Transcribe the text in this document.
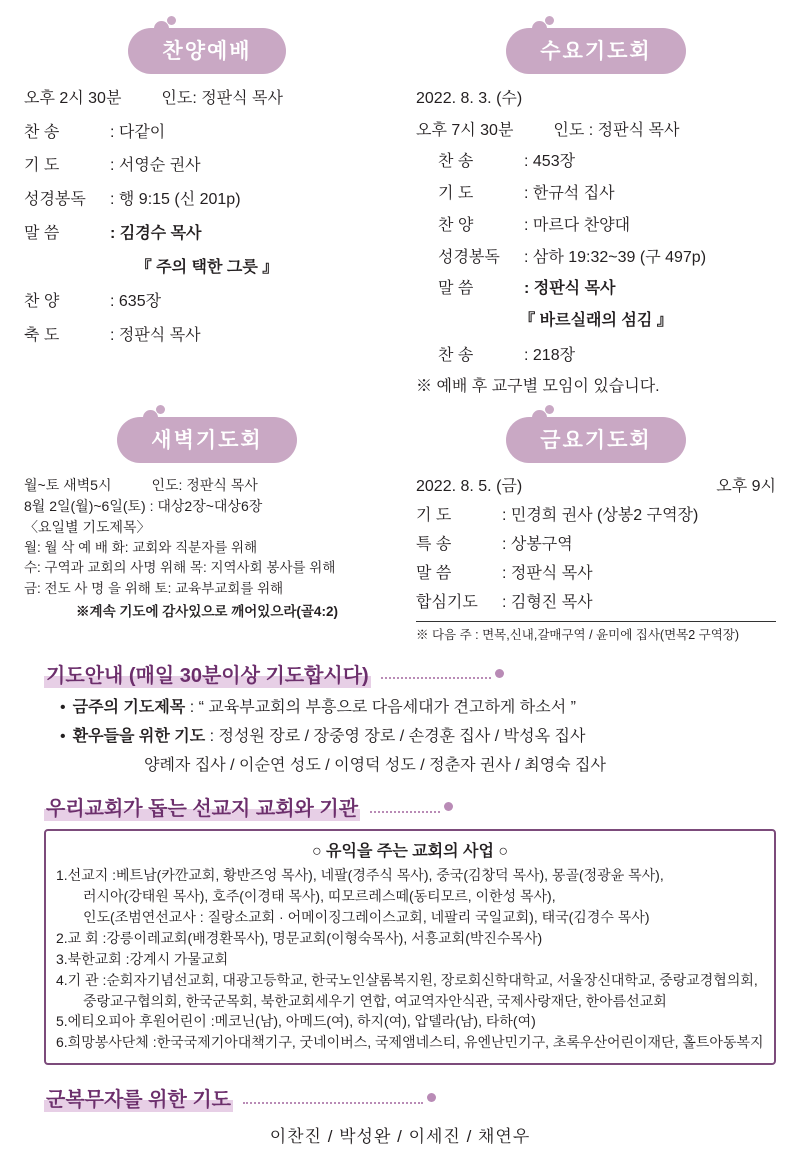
찬양예배
오후 2시 30분	인도: 정판식 목사
찬 송	: 다같이
기 도	: 서영순 권사
성경봉독	: 행 9:15 (신 201p)
말 씀	: 김경수 목사
『 주의 택한 그릇 』
찬 양	: 635장
축 도	: 정판식 목사
수요기도회
2022. 8. 3. (수)
오후 7시 30분	인도 : 정판식 목사
찬 송	: 453장
기 도	: 한규석 집사
찬 양	: 마르다 찬양대
성경봉독	: 삼하 19:32~39 (구 497p)
말 씀	: 정판식 목사
『 바르실래의 섬김 』
찬 송	: 218장
※ 예배 후 교구별 모임이 있습니다.
새벽기도회
월~토 새벽5시	인도: 정판식 목사
8월 2일(월)~6일(토) : 대상2장~대상6장
〈요일별 기도제목〉
월: 월 삭 예 배 화: 교회와 직분자를 위해
수: 구역과 교회의 사명 위해 목: 지역사회 봉사를 위해
금: 전도 사 명 을 위해 토: 교육부교회를 위해
※계속 기도에 감사있으로 깨어있으라(골4:2)
금요기도회
2022. 8. 5. (금)	오후 9시
기 도	: 민경희 권사 (상봉2 구역장)
특 송	: 상봉구역
말 씀	: 정판식 목사
합심기도	: 김형진 목사
※ 다음 주 : 면목,신내,갈매구역 / 윤미에 집사(면목2 구역장)
기도안내 (매일 30분이상 기도합시다)
• 금주의 기도제목 : “ 교육부교회의 부흥으로 다음세대가 견고하게 하소서 ”
• 환우들을 위한 기도 : 정성원 장로 / 장중영 장로 / 손경훈 집사 / 박성옥 집사
양례자 집사 / 이순연 성도 / 이영덕 성도 / 정춘자 권사 / 최영숙 집사
우리교회가 돕는 선교지 교회와 기관
○ 유익을 주는 교회의 사업 ○
1.선교지 : 베트남(카깐교회, 황반즈엉 목사), 네팔(경주식 목사), 중국(김창덕 목사), 몽골(정광윤 목사),
러시아(강태원 목사), 호주(이경태 목사), 띠모르레스떼(동티모르, 이한성 목사),
인도(조범연선교사 : 질랑소교회 · 어메이징그레이스교회, 네팔리 국일교회), 태국(김경수 목사)
2.교 회 : 강릉이레교회(배경환목사), 명문교회(이형숙목사), 서흥교회(박진수목사)
3.북한교회 : 강계시 가물교회
4.기 관 : 순회자기념선교회, 대광고등학교, 한국노인샬롬복지원, 장로회신학대학교, 서울장신대학교, 중랑교경협의회,
중랑교구협의회, 한국군목회, 북한교회세우기 연합, 여교역자안식관, 국제사랑재단, 한아름선교회
5.에티오피아 후원어린이 : 메코닌(남), 아메드(여), 하지(여), 압델라(남), 타하(여)
6.희망봉사단체 : 한국국제기아대책기구, 굿네이버스, 국제앰네스티, 유엔난민기구, 초록우산어린이재단, 홀트아동복지
군복무자를 위한 기도
이찬진 / 박성완 / 이세진 / 채연우
